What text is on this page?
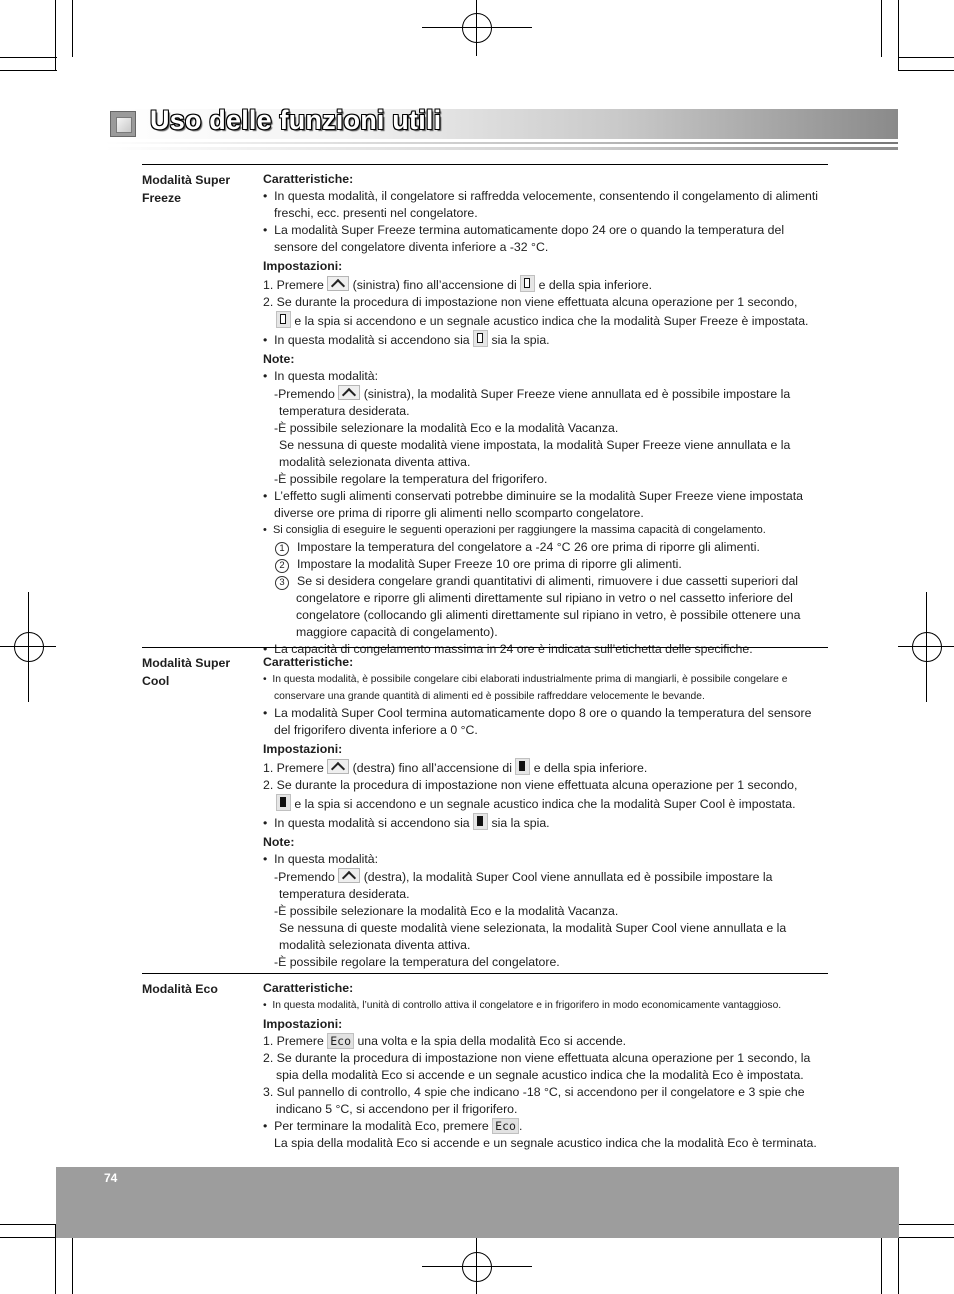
Uso delle funzioni utili
Modalità Super Freeze
Caratteristiche:
•  In questa modalità, il congelatore si raffredda velocemente, consentendo il congelamento di alimenti freschi, ecc. presenti nel congelatore.
•  La modalità Super Freeze termina automaticamente dopo 24 ore o quando la temperatura del sensore del congelatore diventa inferiore a -32 °C.
Impostazioni:
1. Premere (sinistra) fino all’accensione di e della spia inferiore.
2. Se durante la procedura di impostazione non viene effettuata alcuna operazione per 1 secondo,
e la spia si accendono e un segnale acustico indica che la modalità Super Freeze è impostata.
•  In questa modalità si accendono sia sia la spia.
Note:
•  In questa modalità:
-Premendo (sinistra), la modalità Super Freeze viene annullata ed è possibile impostare la temperatura desiderata.
-È possibile selezionare la modalità Eco e la modalità Vacanza.
Se nessuna di queste modalità viene impostata, la modalità Super Freeze viene annullata e la modalità selezionata diventa attiva.
-È possibile regolare la temperatura del frigorifero.
•  L’effetto sugli alimenti conservati potrebbe diminuire se la modalità Super Freeze viene impostata diverse ore prima di riporre gli alimenti nello scomparto congelatore.
•  Si consiglia di eseguire le seguenti operazioni per raggiungere la massima capacità di congelamento.
1 Impostare la temperatura del congelatore a -24 °C 26 ore prima di riporre gli alimenti.
2 Impostare la modalità Super Freeze 10 ore prima di riporre gli alimenti.
3 Se si desidera congelare grandi quantitativi di alimenti, rimuovere i due cassetti superiori dal congelatore e riporre gli alimenti direttamente sul ripiano in vetro o nel cassetto inferiore del congelatore (collocando gli alimenti direttamente sul ripiano in vetro, è possibile ottenere una maggiore capacità di congelamento).
•  La capacità di congelamento massima in 24 ore è indicata sull’etichetta delle specifiche.
Modalità Super Cool
Caratteristiche:
•  In questa modalità, è possibile congelare cibi elaborati industrialmente prima di mangiarli, è possibile congelare e conservare una grande quantità di alimenti ed è possibile raffreddare velocemente le bevande.
•  La modalità Super Cool termina automaticamente dopo 8 ore o quando la temperatura del sensore del frigorifero diventa inferiore a 0 °C.
Impostazioni:
1. Premere (destra) fino all’accensione di e della spia inferiore.
2. Se durante la procedura di impostazione non viene effettuata alcuna operazione per 1 secondo,
e la spia si accendono e un segnale acustico indica che la modalità Super Cool è impostata.
•  In questa modalità si accendono sia sia la spia.
Note:
•  In questa modalità:
-Premendo (destra), la modalità Super Cool viene annullata ed è possibile impostare la temperatura desiderata.
-È possibile selezionare la modalità Eco e la modalità Vacanza.
Se nessuna di queste modalità viene selezionata, la modalità Super Cool viene annullata e la modalità selezionata diventa attiva.
-È possibile regolare la temperatura del congelatore.
Modalità Eco	Caratteristiche:
•  In questa modalità, l’unità di controllo attiva il congelatore e in frigorifero in modo economicamente vantaggioso.
Impostazioni:
1. Premere Eco una volta e la spia della modalità Eco si accende.
2. Se durante la procedura di impostazione non viene effettuata alcuna operazione per 1 secondo, la spia della modalità Eco si accende e un segnale acustico indica che la modalità Eco è impostata.
3. Sul pannello di controllo, 4 spie che indicano -18 °C, si accendono per il congelatore e 3 spie che indicano 5 °C, si accendono per il frigorifero.
•  Per terminare la modalità Eco, premere Eco .
La spia della modalità Eco si accende e un segnale acustico indica che la modalità Eco è terminata.
74
